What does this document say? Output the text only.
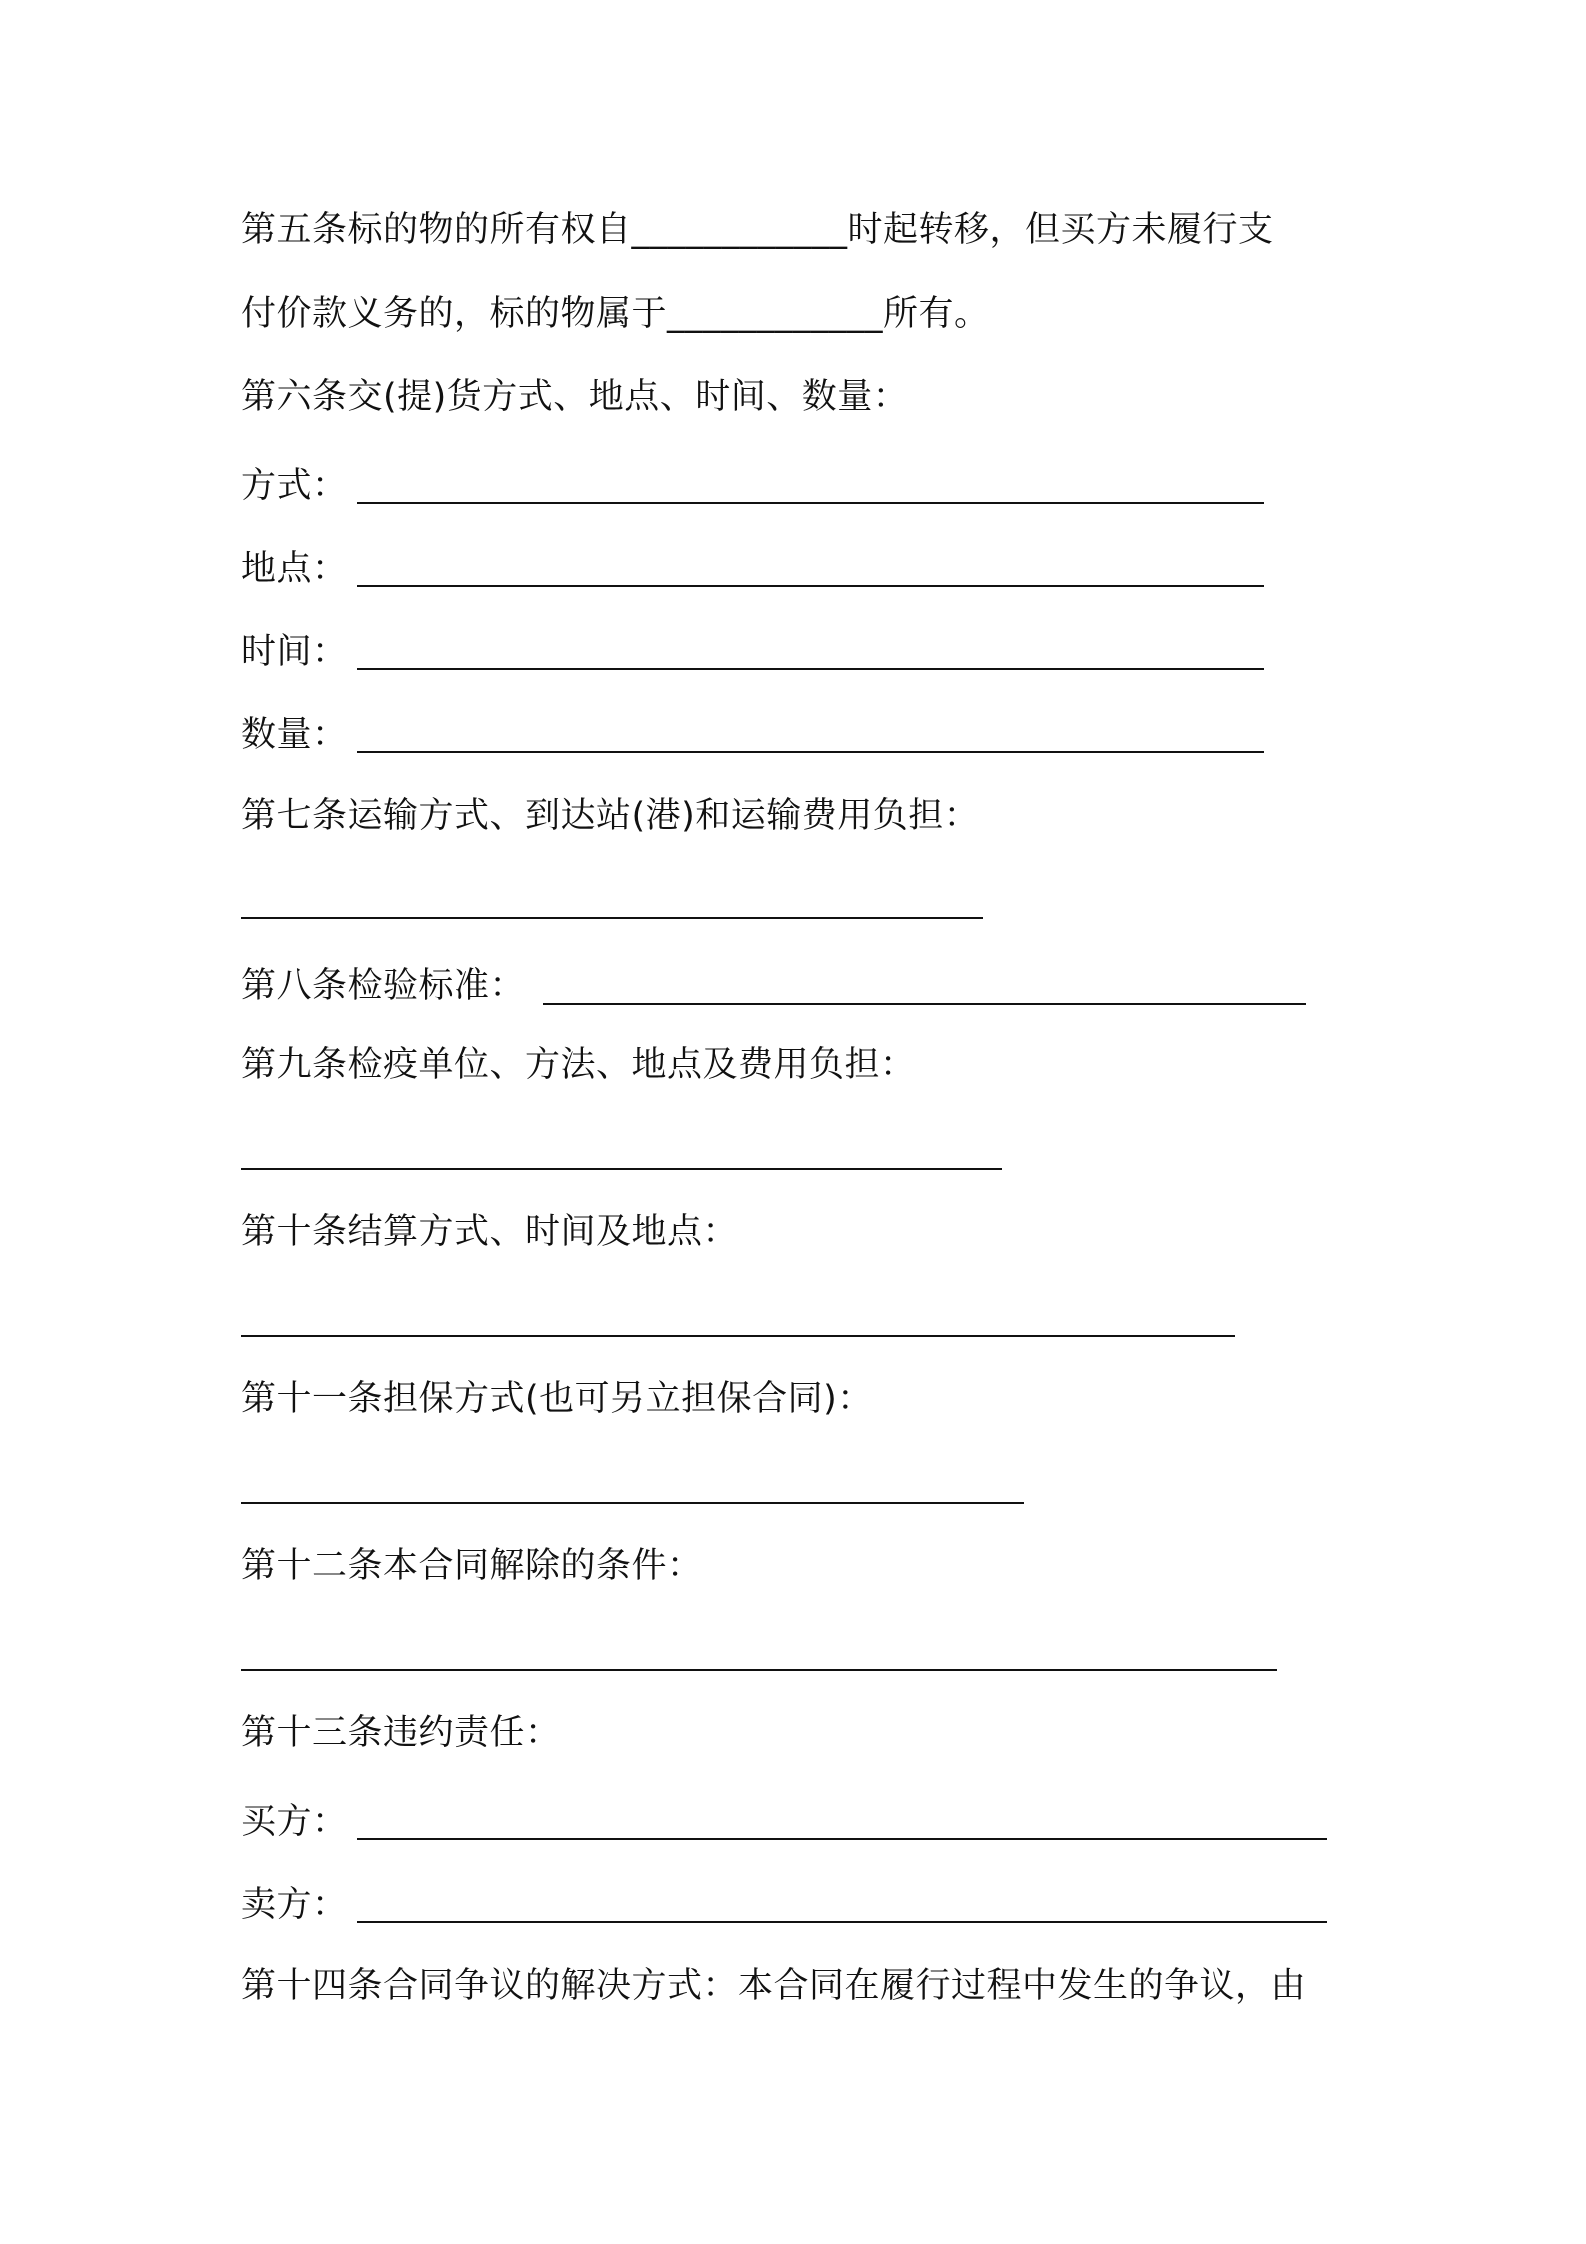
第五条标的物的所有权自____________时起转移，但买方未履行支
付价款义务的，标的物属于____________所有。
第六条交(提)货方式、地点、时间、数量：
方式：
地点：
时间：
数量：
第七条运输方式、到达站(港)和运输费用负担：
第八条检验标准：
第九条检疫单位、方法、地点及费用负担：
第十条结算方式、时间及地点：
第十一条担保方式(也可另立担保合同)：
第十二条本合同解除的条件：
第十三条违约责任：
买方：
卖方：
第十四条合同争议的解决方式：本合同在履行过程中发生的争议，由
